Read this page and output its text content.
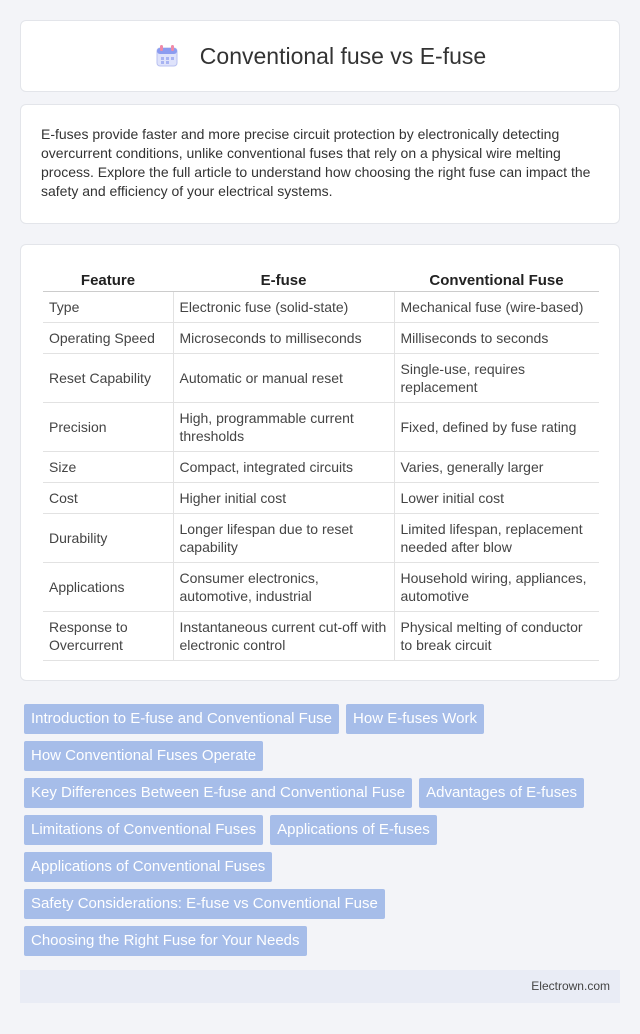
Conventional fuse vs E-fuse

E-fuses provide faster and more precise circuit protection by electronically detecting overcurrent conditions, unlike conventional fuses that rely on a physical wire melting process. Explore the full article to understand how choosing the right fuse can impact the safety and efficiency of your electrical systems.

Feature	E-fuse	Conventional Fuse
Type	Electronic fuse (solid-state)	Mechanical fuse (wire-based)
Operating Speed	Microseconds to milliseconds	Milliseconds to seconds
Reset Capability	Automatic or manual reset	Single-use, requires replacement
Precision	High, programmable current thresholds	Fixed, defined by fuse rating
Size	Compact, integrated circuits	Varies, generally larger
Cost	Higher initial cost	Lower initial cost
Durability	Longer lifespan due to reset capability	Limited lifespan, replacement needed after blow
Applications	Consumer electronics, automotive, industrial	Household wiring, appliances, automotive
Response to Overcurrent	Instantaneous current cut-off with electronic control	Physical melting of conductor to break circuit
Introduction to E-fuse and Conventional Fuse	How E-fuses Work
How Conventional Fuses Operate
Key Differences Between E-fuse and Conventional Fuse	Advantages of E-fuses
Limitations of Conventional Fuses	Applications of E-fuses
Applications of Conventional Fuses
Safety Considerations: E-fuse vs Conventional Fuse
Choosing the Right Fuse for Your Needs
Electrown.com
